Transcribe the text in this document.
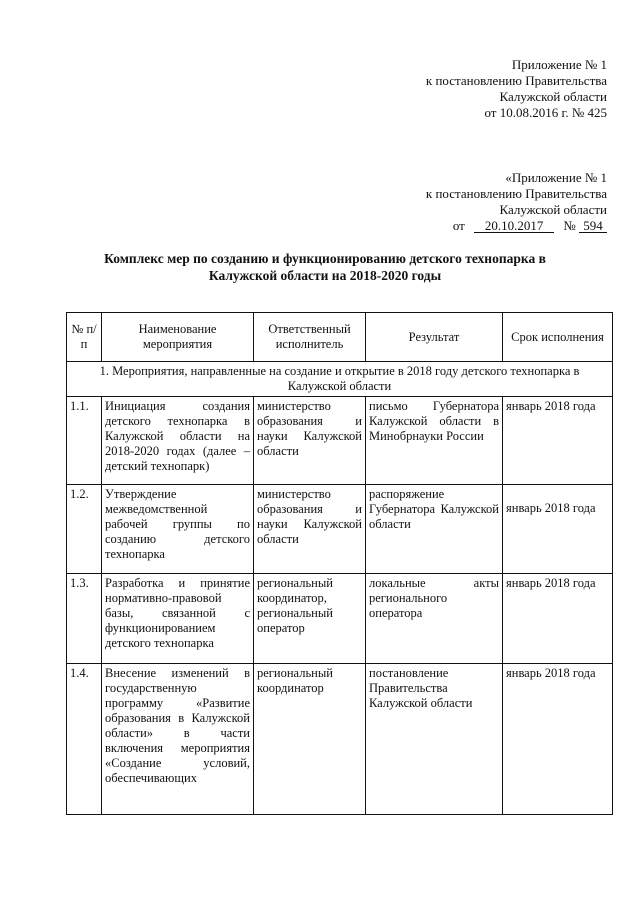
Приложение № 1
к постановлению Правительства
Калужской области
от 10.08.2016 г. № 425
«Приложение № 1
к постановлению Правительства
Калужской области
от 20.10.2017 № 594
Комплекс мер по созданию и функционированию детского технопарка в
Калужской области на 2018-2020 годы
№ п/п	Наименование мероприятия	Ответственный исполнитель	Результат	Срок исполнения
1. Мероприятия, направленные на создание и открытие в 2018 году детского технопарка в Калужской области				
1.1.	Инициация создания детского технопарка в Калужской области на 2018-2020 годах (далее – детский технопарк)	министерство образования и науки Калужской области	письмо Губернатора Калужской области в Минобрнауки России	январь 2018 года
1.2.	Утверждение межведомственной рабочей группы по созданию детского технопарка	министерство образования и науки Калужской области	распоряжение Губернатора Калужской области	январь 2018 года

1.3.	Разработка и принятие нормативно-правовой базы, связанной с функционированием детского технопарка	региональный координатор, региональный оператор	локальные акты регионального оператора	январь 2018 года
1.4.	Внесение изменений в государственную программу «Развитие образования в Калужской области» в части включения мероприятия «Создание условий, обеспечивающих	региональный координатор	постановление Правительства Калужской области	январь 2018 года
